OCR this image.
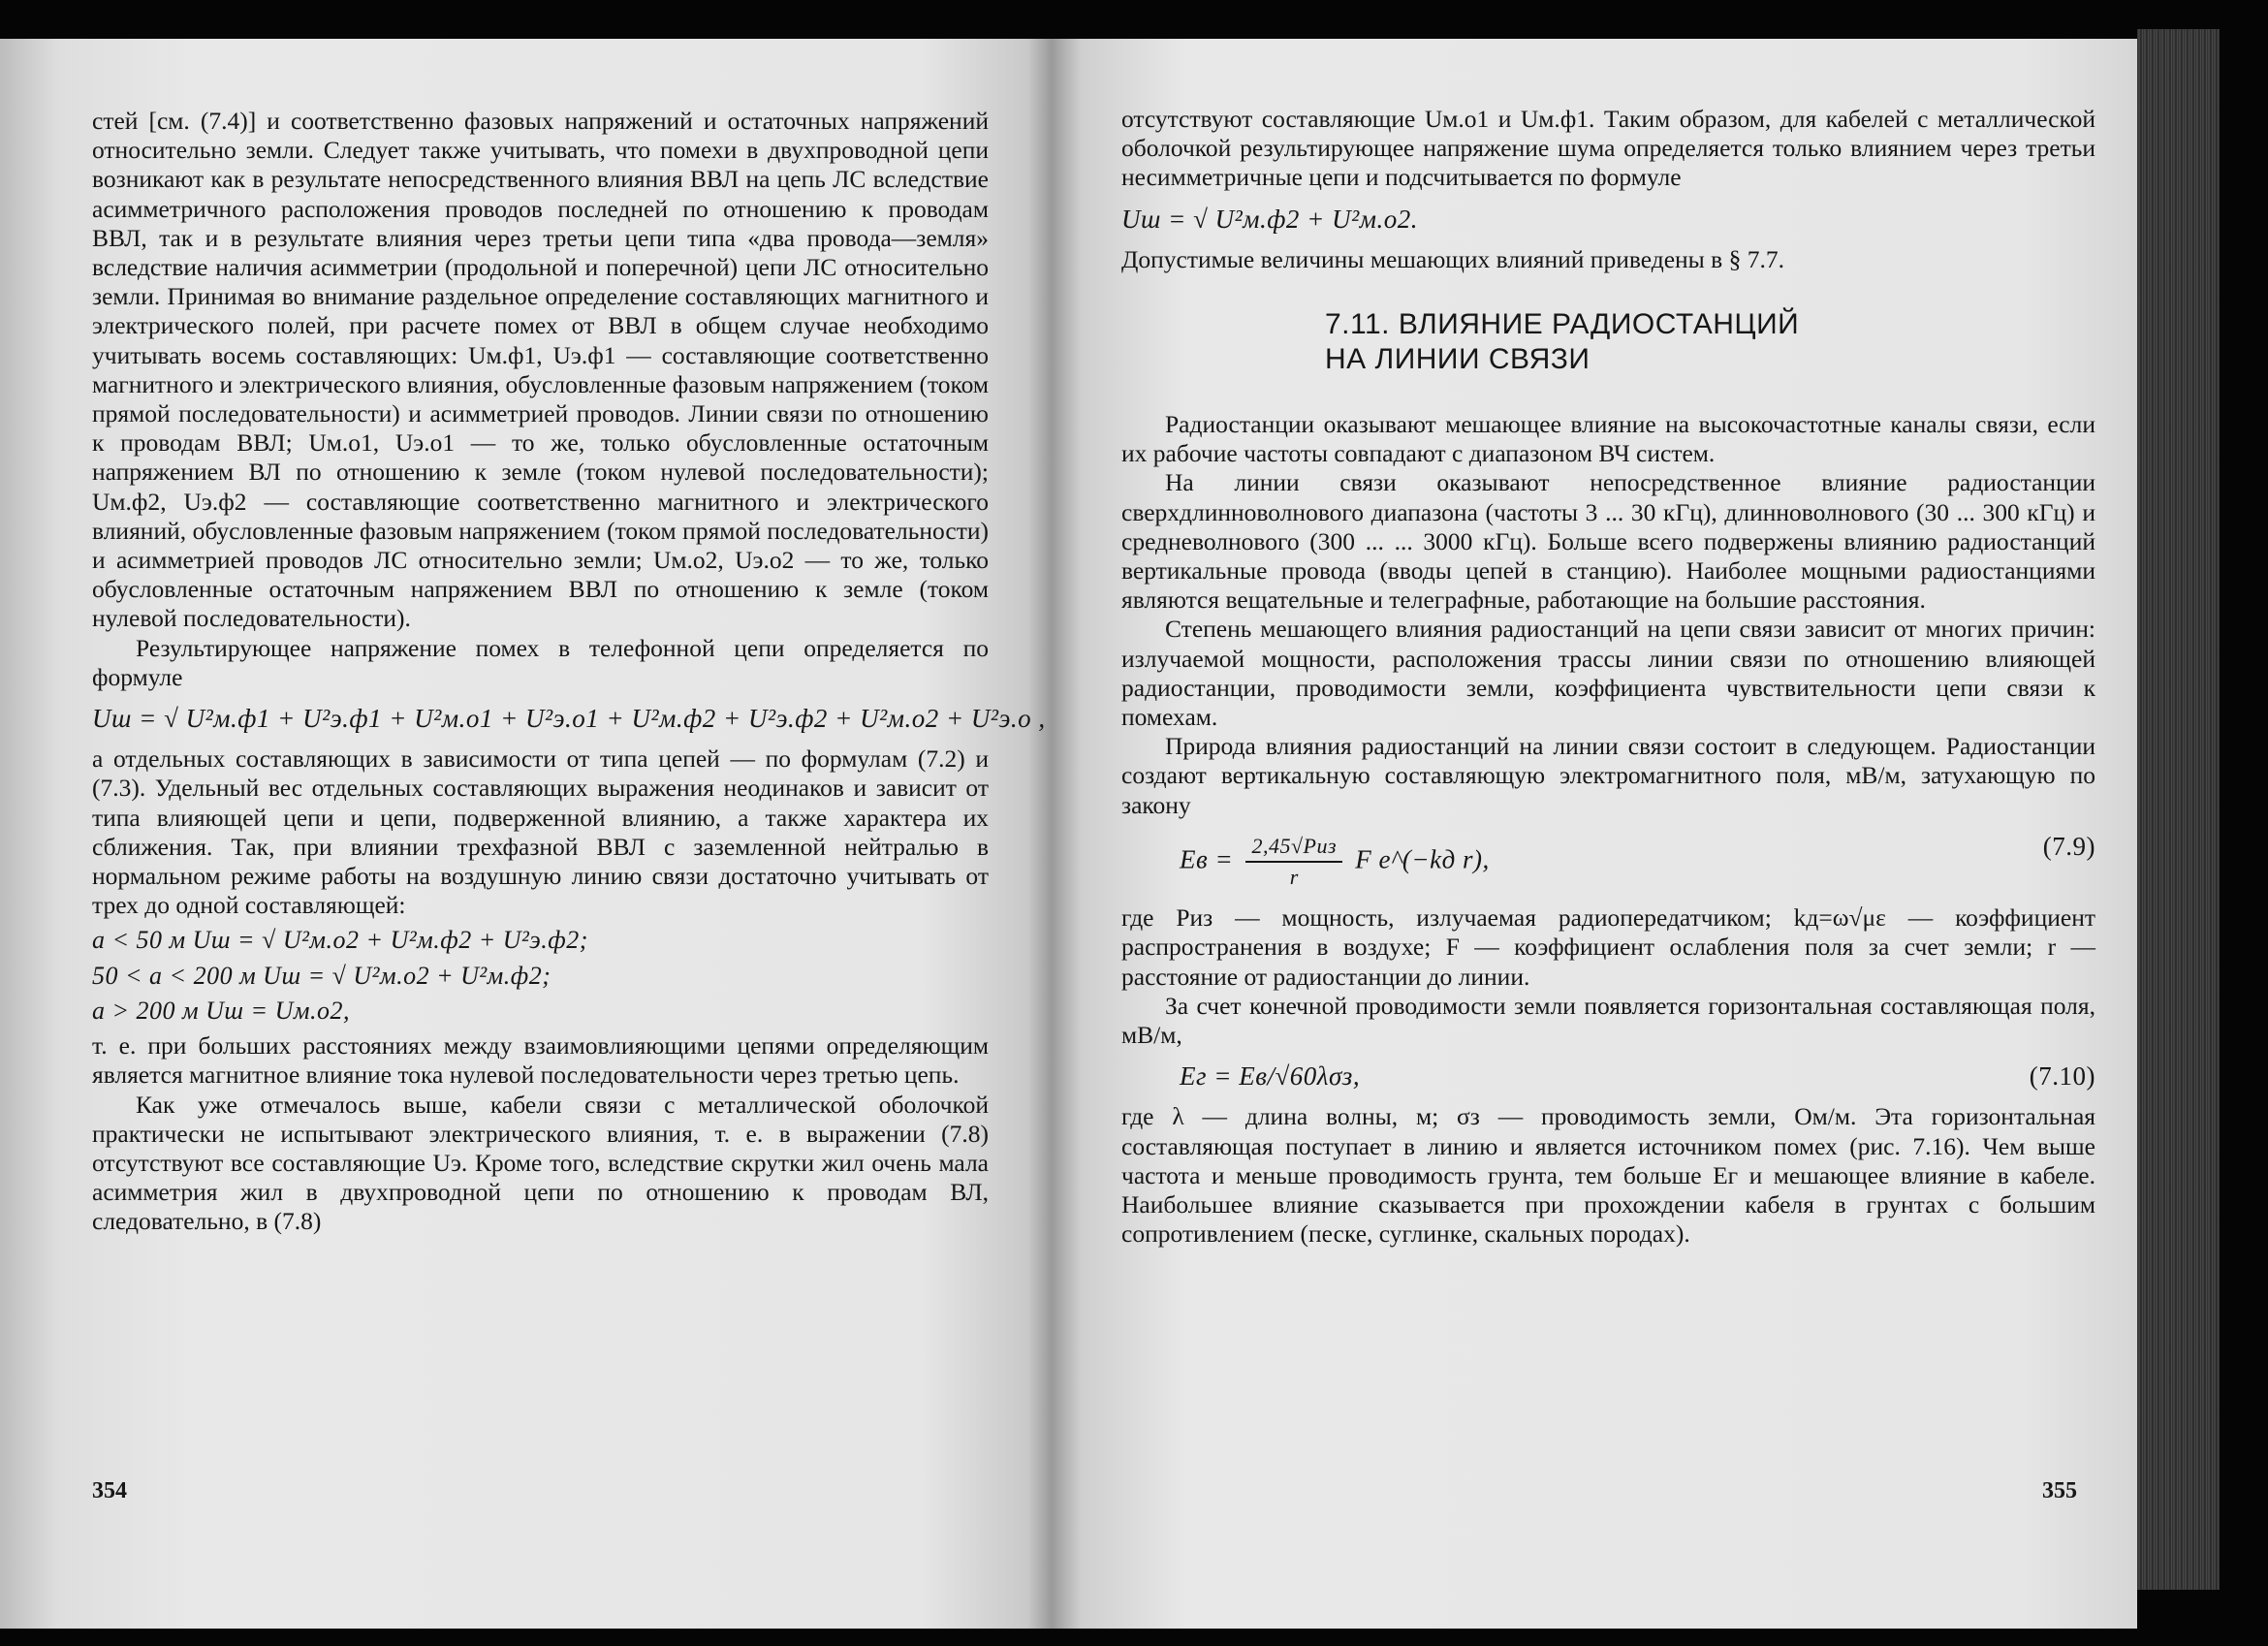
стей [см. (7.4)] и соответственно фазовых напряжений и остаточных напряжений относительно земли. Следует также учитывать, что помехи в двухпроводной цепи возникают как в результате непосредственного влияния ВВЛ на цепь ЛС вследствие асимметричного расположения проводов последней по отношению к проводам ВВЛ, так и в результате влияния через третьи цепи типа «два провода—земля» вследствие наличия асимметрии (продольной и поперечной) цепи ЛС относительно земли. Принимая во внимание раздельное определение составляющих магнитного и электрического полей, при расчете помех от ВВЛ в общем случае необходимо учитывать восемь составляющих: Uм.ф1, Uэ.ф1 — составляющие соответственно магнитного и электрического влияния, обусловленные фазовым напряжением (током прямой последовательности) и асимметрией проводов. Линии связи по отношению к проводам ВВЛ; Uм.о1, Uэ.о1 — то же, только обусловленные остаточным напряжением ВЛ по отношению к земле (током нулевой последовательности); Uм.ф2, Uэ.ф2 — составляющие соответственно магнитного и электрического влияний, обусловленные фазовым напряжением (током прямой последовательности) и асимметрией проводов ЛС относительно земли; Uм.о2, Uэ.о2 — то же, только обусловленные остаточным напряжением ВВЛ по отношению к земле (током нулевой последовательности).

Результирующее напряжение помех в телефонной цепи определяется по формуле

Uш = √ U²м.ф1 + U²э.ф1 + U²м.о1 + U²э.о1 + U²м.ф2 + U²э.ф2 + U²м.о2 + U²э.о ,

а отдельных составляющих в зависимости от типа цепей — по формулам (7.2) и (7.3). Удельный вес отдельных составляющих выражения неодинаков и зависит от типа влияющей цепи и цепи, подверженной влиянию, а также характера их сближения. Так, при влиянии трехфазной ВВЛ с заземленной нейтралью в нормальном режиме работы на воздушную линию связи достаточно учитывать от трех до одной составляющей:

a < 50 м Uш = √ U²м.о2 + U²м.ф2 + U²э.ф2;
50 < a < 200 м Uш = √ U²м.о2 + U²м.ф2;
a > 200 м Uш = Uм.о2,

т. е. при больших расстояниях между взаимовлияющими цепями определяющим является магнитное влияние тока нулевой последовательности через третью цепь.

Как уже отмечалось выше, кабели связи с металлической оболочкой практически не испытывают электрического влияния, т. е. в выражении (7.8) отсутствуют все составляющие Uэ. Кроме того, вследствие скрутки жил очень мала асимметрия жил в двухпроводной цепи по отношению к проводам ВЛ, следовательно, в (7.8)

354

отсутствуют составляющие Uм.о1 и Uм.ф1. Таким образом, для кабелей с металлической оболочкой результирующее напряжение шума определяется только влиянием через третьи несимметричные цепи и подсчитывается по формуле

Uш = √ U²м.ф2 + U²м.о2.

Допустимые величины мешающих влияний приведены в § 7.7.

7.11. ВЛИЯНИЕ РАДИОСТАНЦИЙ
НА ЛИНИИ СВЯЗИ

Радиостанции оказывают мешающее влияние на высокочастотные каналы связи, если их рабочие частоты совпадают с диапазоном ВЧ систем.

На линии связи оказывают непосредственное влияние радиостанции сверхдлинноволнового диапазона (частоты 3 ... 30 кГц), длинноволнового (30 ... 300 кГц) и средневолнового (300 ... ... 3000 кГц). Больше всего подвержены влиянию радиостанций вертикальные провода (вводы цепей в станцию). Наиболее мощными радиостанциями являются вещательные и телеграфные, работающие на большие расстояния.

Степень мешающего влияния радиостанций на цепи связи зависит от многих причин: излучаемой мощности, расположения трассы линии связи по отношению влияющей радиостанции, проводимости земли, коэффициента чувствительности цепи связи к помехам.

Природа влияния радиостанций на линии связи состоит в следующем. Радиостанции создают вертикальную составляющую электромагнитного поля, мВ/м, затухающую по закону

Eв = $\frac{\text{2,45√Pиз}}{r}$ F e^(−kд r),	(7.9)

где Pиз — мощность, излучаемая радиопередатчиком; kд=ω√με — коэффициент распространения в воздухе; F — коэффициент ослабления поля за счет земли; r — расстояние от радиостанции до линии.

За счет конечной проводимости земли появляется горизонтальная составляющая поля, мВ/м,

Eг = Eв/√60λσз,	(7.10)

где λ — длина волны, м; σз — проводимость земли, Ом/м. Эта горизонтальная составляющая поступает в линию и является источником помех (рис. 7.16). Чем выше частота и меньше проводимость грунта, тем больше Eг и мешающее влияние в кабеле. Наибольшее влияние сказывается при прохождении кабеля в грунтах с большим сопротивлением (песке, суглинке, скальных породах).

355
